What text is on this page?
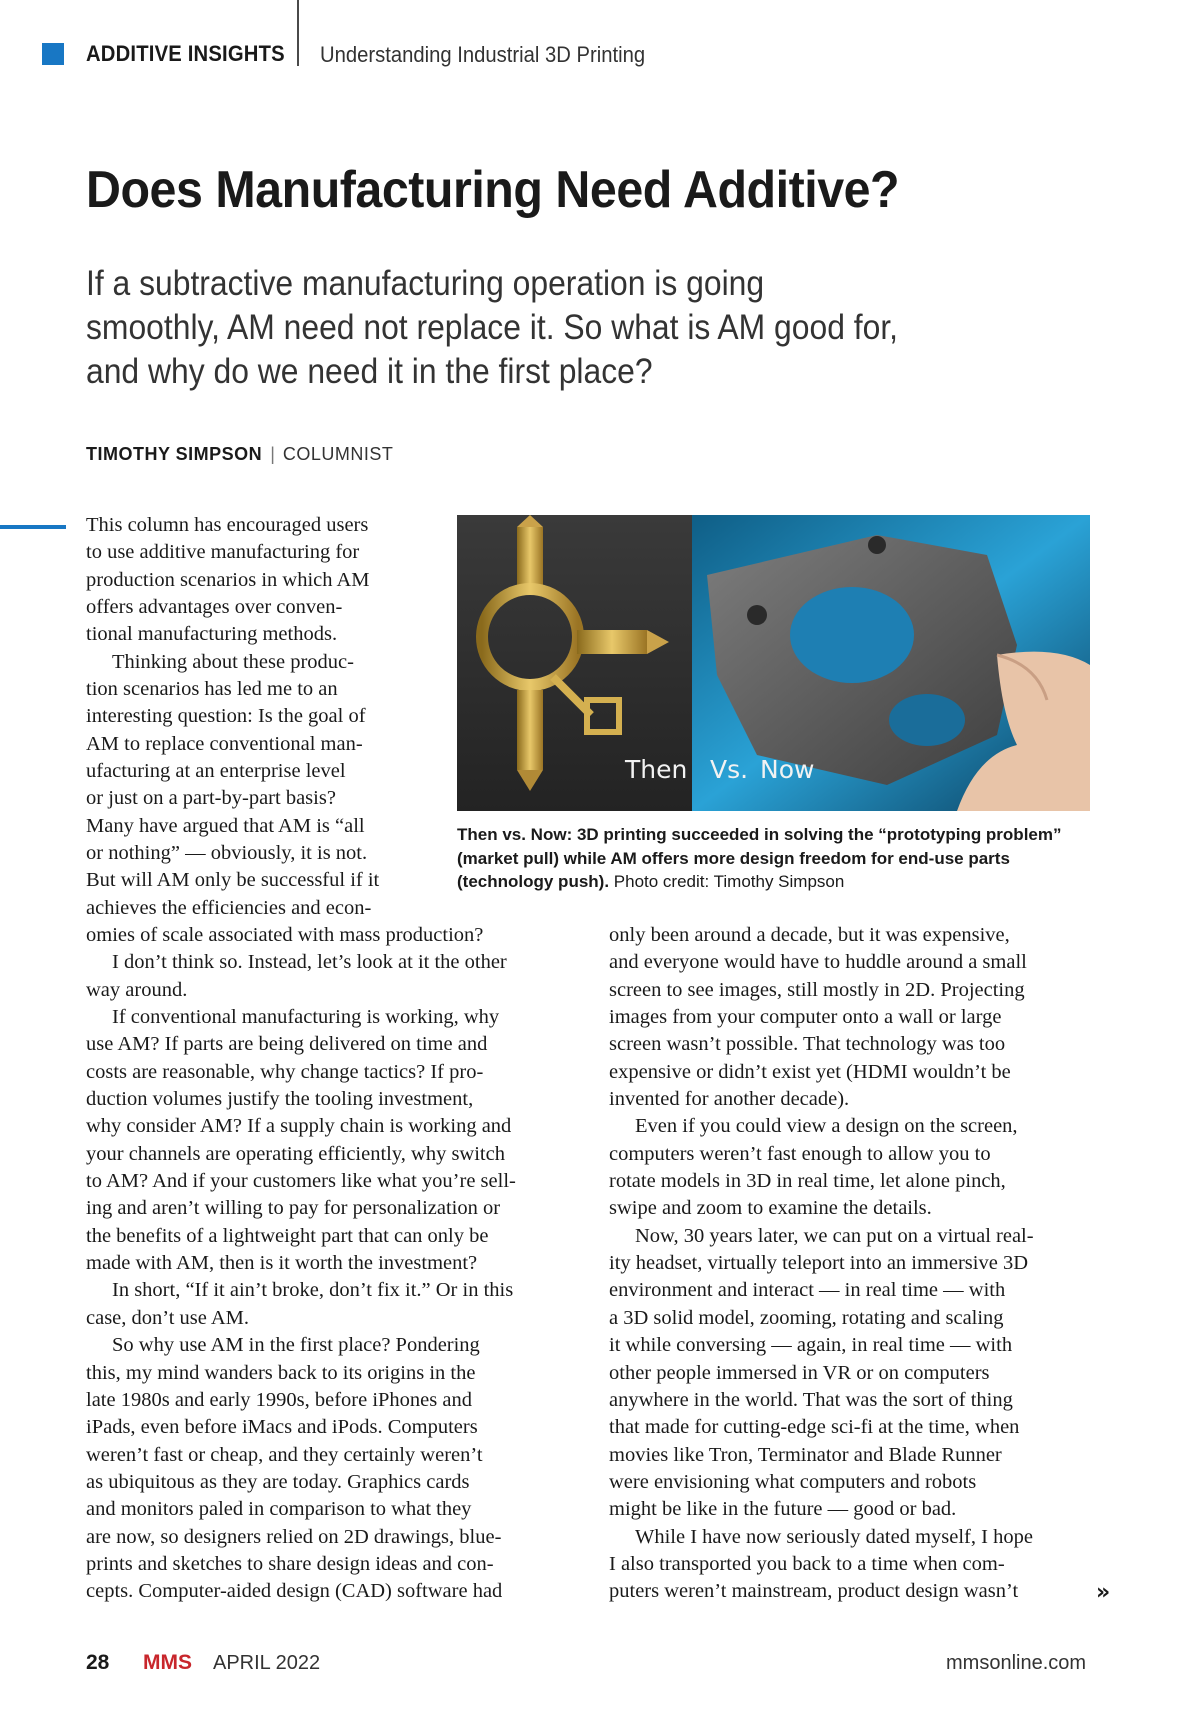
ADDITIVE INSIGHTS Understanding Industrial 3D Printing
Does Manufacturing Need Additive?
If a subtractive manufacturing operation is going
smoothly, AM need not replace it. So what is AM good for,
and why do we need it in the first place?
TIMOTHY SIMPSON | COLUMNIST
Then Vs. Now
Then vs. Now: 3D printing succeeded in solving the “prototyping problem” (market pull) while AM offers more design freedom for end-use parts (technology push). Photo credit: Timothy Simpson
This column has encouraged users
to use additive manufacturing for
production scenarios in which AM
offers advantages over conven-
tional manufacturing methods.
Thinking about these produc-
tion scenarios has led me to an
interesting question: Is the goal of
AM to replace conventional man-
ufacturing at an enterprise level
or just on a part-by-part basis?
Many have argued that AM is “all
or nothing” — obviously, it is not.
But will AM only be successful if it
achieves the efficiencies and econ-
omies of scale associated with mass production?
I don’t think so. Instead, let’s look at it the other
way around.
If conventional manufacturing is working, why
use AM? If parts are being delivered on time and
costs are reasonable, why change tactics? If pro-
duction volumes justify the tooling investment,
why consider AM? If a supply chain is working and
your channels are operating efficiently, why switch
to AM? And if your customers like what you’re sell-
ing and aren’t willing to pay for personalization or
the benefits of a lightweight part that can only be
made with AM, then is it worth the investment?
In short, “If it ain’t broke, don’t fix it.” Or in this
case, don’t use AM.
So why use AM in the first place? Pondering
this, my mind wanders back to its origins in the
late 1980s and early 1990s, before iPhones and
iPads, even before iMacs and iPods. Computers
weren’t fast or cheap, and they certainly weren’t
as ubiquitous as they are today. Graphics cards
and monitors paled in comparison to what they
are now, so designers relied on 2D drawings, blue-
prints and sketches to share design ideas and con-
cepts. Computer-aided design (CAD) software had
only been around a decade, but it was expensive,
and everyone would have to huddle around a small
screen to see images, still mostly in 2D. Projecting
images from your computer onto a wall or large
screen wasn’t possible. That technology was too
expensive or didn’t exist yet (HDMI wouldn’t be
invented for another decade).
Even if you could view a design on the screen,
computers weren’t fast enough to allow you to
rotate models in 3D in real time, let alone pinch,
swipe and zoom to examine the details.
Now, 30 years later, we can put on a virtual real-
ity headset, virtually teleport into an immersive 3D
environment and interact — in real time — with
a 3D solid model, zooming, rotating and scaling
it while conversing — again, in real time — with
other people immersed in VR or on computers
anywhere in the world. That was the sort of thing
that made for cutting-edge sci-fi at the time, when
movies like Tron, Terminator and Blade Runner
were envisioning what computers and robots
might be like in the future — good or bad.
While I have now seriously dated myself, I hope
I also transported you back to a time when com-
puters weren’t mainstream, product design wasn’t	»
28 MMS APRIL 2022	mmsonline.com
